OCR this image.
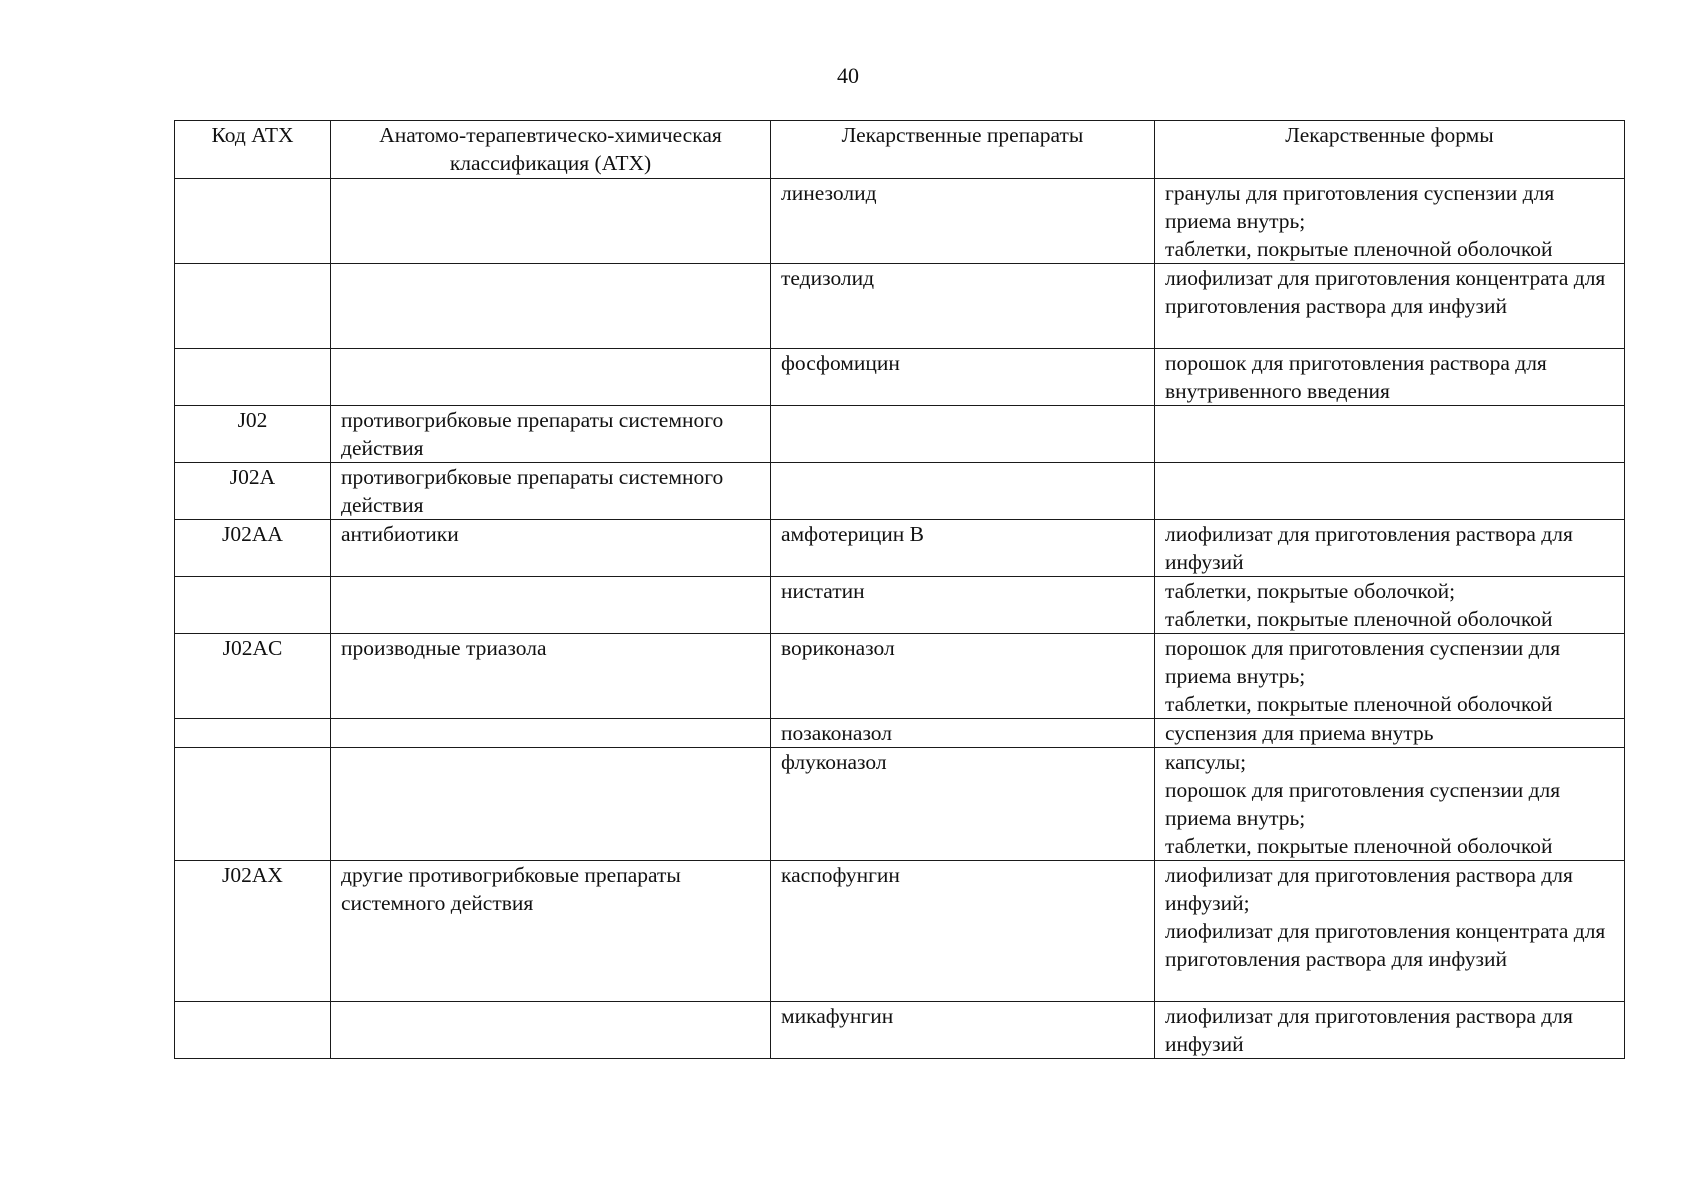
40
Код АТХ	Анатомо-терапевтическо-химическая классификация (АТХ)	Лекарственные препараты	Лекарственные формы
		линезолид	гранулы для приготовления суспензии для приема внутрь;
таблетки, покрытые пленочной оболочкой
		тедизолид	лиофилизат для приготовления концентрата для приготовления раствора для инфузий
		фосфомицин	порошок для приготовления раствора для внутривенного введения
J02	противогрибковые препараты системного действия		
J02A	противогрибковые препараты системного действия		
J02AA	антибиотики	амфотерицин B	лиофилизат для приготовления раствора для инфузий
		нистатин	таблетки, покрытые оболочкой;
таблетки, покрытые пленочной оболочкой
J02AC	производные триазола	вориконазол	порошок для приготовления суспензии для приема внутрь;
таблетки, покрытые пленочной оболочкой
		позаконазол	суспензия для приема внутрь
		флуконазол	капсулы;
порошок для приготовления суспензии для приема внутрь;
таблетки, покрытые пленочной оболочкой
J02AX	другие противогрибковые препараты системного действия	каспофунгин	лиофилизат для приготовления раствора для инфузий;
лиофилизат для приготовления концентрата для приготовления раствора для инфузий
		микафунгин	лиофилизат для приготовления раствора для инфузий
